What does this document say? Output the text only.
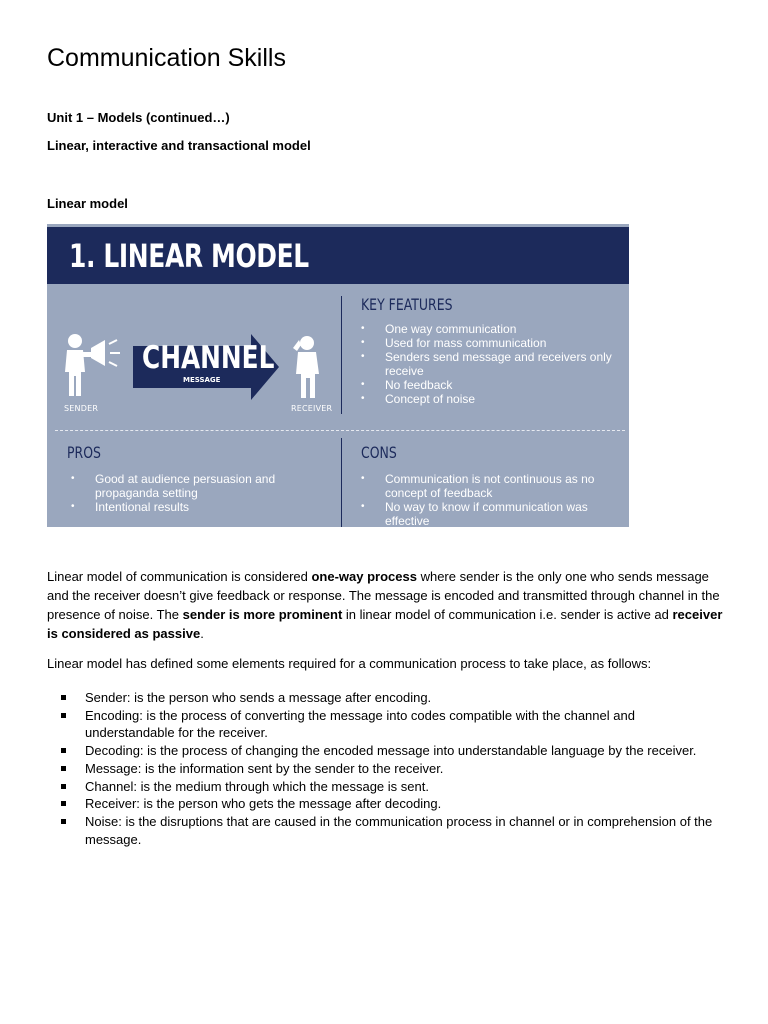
Communication Skills

Unit 1 – Models (continued…)

Linear, interactive and transactional model

Linear model

1. LINEAR MODEL
SENDER
CHANNEL
MESSAGE
RECEIVER
KEY FEATURES
• One way communication
• Used for mass communication
• Senders send message and receivers only receive
• No feedback
• Concept of noise
PROS
• Good at audience persuasion and propaganda setting
• Intentional results
CONS
• Communication is not continuous as no concept of feedback
• No way to know if communication was effective

Linear model of communication is considered one-way process where sender is the only one who sends message and the receiver doesn’t give feedback or response. The message is encoded and transmitted through channel in the presence of noise. The sender is more prominent in linear model of communication i.e. sender is active ad receiver is considered as passive.

Linear model has defined some elements required for a communication process to take place, as follows:

Sender: is the person who sends a message after encoding.
Encoding: is the process of converting the message into codes compatible with the channel and understandable for the receiver.
Decoding: is the process of changing the encoded message into understandable language by the receiver.
Message: is the information sent by the sender to the receiver.
Channel: is the medium through which the message is sent.
Receiver: is the person who gets the message after decoding.
Noise: is the disruptions that are caused in the communication process in channel or in comprehension of the message.
